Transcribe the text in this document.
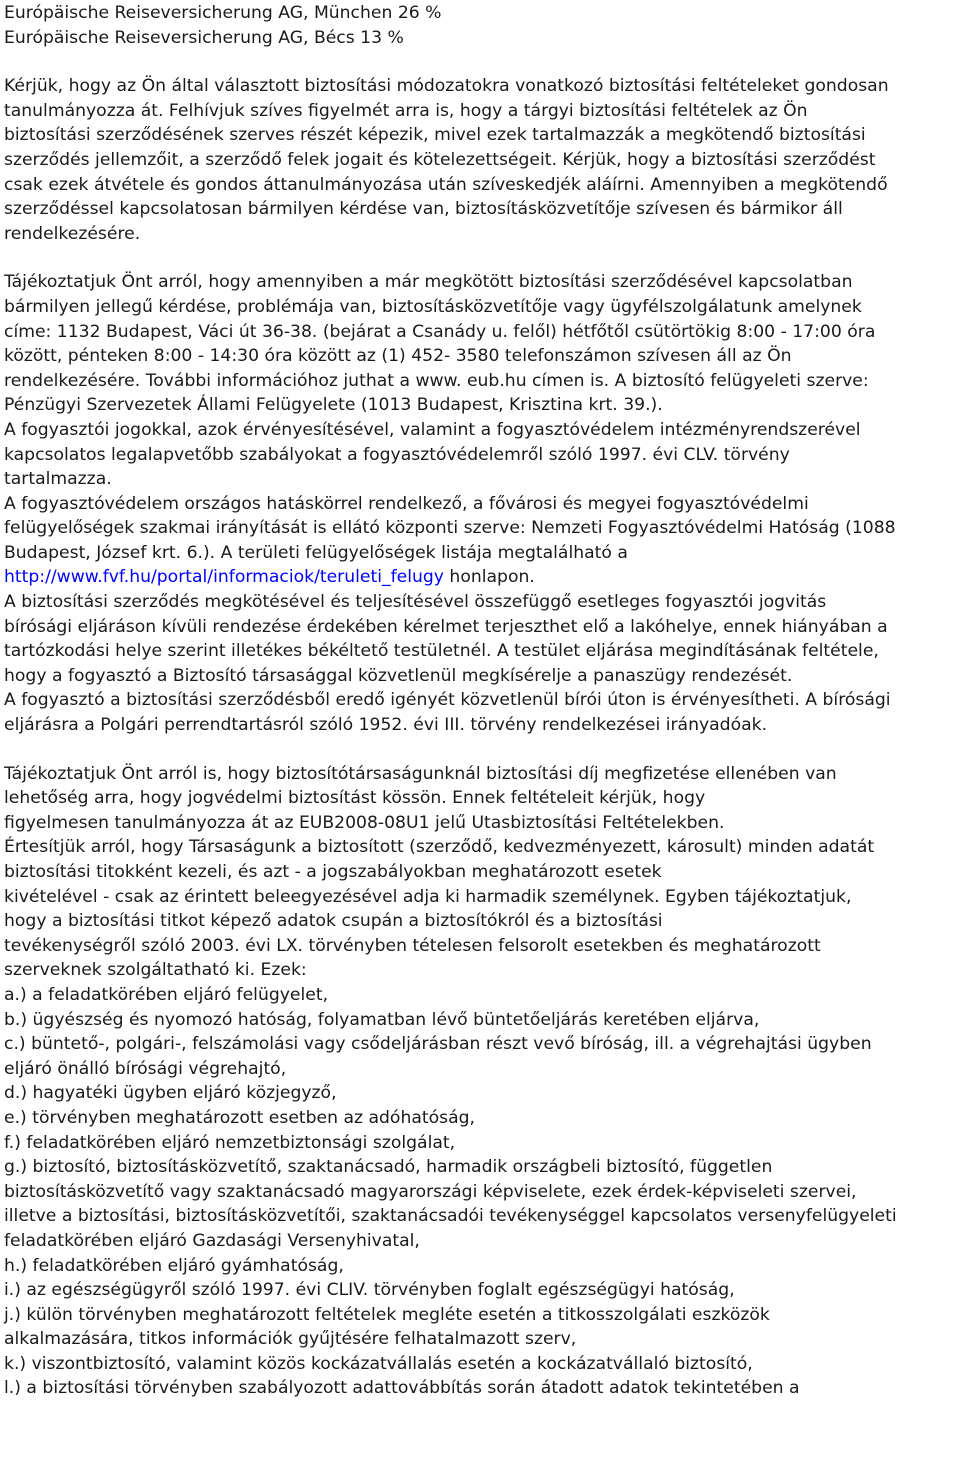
Európäische Reiseversicherung AG, München 26 %
Európäische Reiseversicherung AG, Bécs 13 %
Kérjük, hogy az Ön által választott biztosítási módozatokra vonatkozó biztosítási feltételeket gondosan
tanulmányozza át. Felhívjuk szíves figyelmét arra is, hogy a tárgyi biztosítási feltételek az Ön
biztosítási szerződésének szerves részét képezik, mivel ezek tartalmazzák a megkötendő biztosítási
szerződés jellemzőit, a szerződő felek jogait és kötelezettségeit. Kérjük, hogy a biztosítási szerződést
csak ezek átvétele és gondos áttanulmányozása után szíveskedjék aláírni. Amennyiben a megkötendő
szerződéssel kapcsolatosan bármilyen kérdése van, biztosításközvetítője szívesen és bármikor áll
rendelkezésére.
Tájékoztatjuk Önt arról, hogy amennyiben a már megkötött biztosítási szerződésével kapcsolatban
bármilyen jellegű kérdése, problémája van, biztosításközvetítője vagy ügyfélszolgálatunk amelynek
címe: 1132 Budapest, Váci út 36-38. (bejárat a Csanády u. felől) hétfőtől csütörtökig 8:00 - 17:00 óra
között, pénteken 8:00 - 14:30 óra között az (1) 452- 3580 telefonszámon szívesen áll az Ön
rendelkezésére. További információhoz juthat a www. eub.hu címen is. A biztosító felügyeleti szerve:
Pénzügyi Szervezetek Állami Felügyelete (1013 Budapest, Krisztina krt. 39.).
A fogyasztói jogokkal, azok érvényesítésével, valamint a fogyasztóvédelem intézményrendszerével
kapcsolatos legalapvetőbb szabályokat a fogyasztóvédelemről szóló 1997. évi CLV. törvény
tartalmazza.
A fogyasztóvédelem országos hatáskörrel rendelkező, a fővárosi és megyei fogyasztóvédelmi
felügyelőségek szakmai irányítását is ellátó központi szerve: Nemzeti Fogyasztóvédelmi Hatóság (1088
Budapest, József krt. 6.). A területi felügyelőségek listája megtalálható a
http://www.fvf.hu/portal/informaciok/teruleti_felugy honlapon.
A biztosítási szerződés megkötésével és teljesítésével összefüggő esetleges fogyasztói jogvitás
bírósági eljáráson kívüli rendezése érdekében kérelmet terjeszthet elő a lakóhelye, ennek hiányában a
tartózkodási helye szerint illetékes békéltető testületnél. A testület eljárása megindításának feltétele,
hogy a fogyasztó a Biztosító társasággal közvetlenül megkísérelje a panaszügy rendezését.
A fogyasztó a biztosítási szerződésből eredő igényét közvetlenül bírói úton is érvényesítheti. A bírósági
eljárásra a Polgári perrendtartásról szóló 1952. évi III. törvény rendelkezései irányadóak.
Tájékoztatjuk Önt arról is, hogy biztosítótársaságunknál biztosítási díj megfizetése ellenében van
lehetőség arra, hogy jogvédelmi biztosítást kössön. Ennek feltételeit kérjük, hogy
figyelmesen tanulmányozza át az EUB2008-08U1 jelű Utasbiztosítási Feltételekben.
Értesítjük arról, hogy Társaságunk a biztosított (szerződő, kedvezményezett, károsult) minden adatát
biztosítási titokként kezeli, és azt - a jogszabályokban meghatározott esetek
kivételével - csak az érintett beleegyezésével adja ki harmadik személynek. Egyben tájékoztatjuk,
hogy a biztosítási titkot képező adatok csupán a biztosítókról és a biztosítási
tevékenységről szóló 2003. évi LX. törvényben tételesen felsorolt esetekben és meghatározott
szerveknek szolgáltatható ki. Ezek:
a.) a feladatkörében eljáró felügyelet,
b.) ügyészség és nyomozó hatóság, folyamatban lévő büntetőeljárás keretében eljárva,
c.) büntető-, polgári-, felszámolási vagy csődeljárásban részt vevő bíróság, ill. a végrehajtási ügyben
eljáró önálló bírósági végrehajtó,
d.) hagyatéki ügyben eljáró közjegyző,
e.) törvényben meghatározott esetben az adóhatóság,
f.) feladatkörében eljáró nemzetbiztonsági szolgálat,
g.) biztosító, biztosításközvetítő, szaktanácsadó, harmadik országbeli biztosító, független
biztosításközvetítő vagy szaktanácsadó magyarországi képviselete, ezek érdek-képviseleti szervei,
illetve a biztosítási, biztosításközvetítői, szaktanácsadói tevékenységgel kapcsolatos versenyfelügyeleti
feladatkörében eljáró Gazdasági Versenyhivatal,
h.) feladatkörében eljáró gyámhatóság,
i.) az egészségügyről szóló 1997. évi CLIV. törvényben foglalt egészségügyi hatóság,
j.) külön törvényben meghatározott feltételek megléte esetén a titkosszolgálati eszközök
alkalmazására, titkos információk gyűjtésére felhatalmazott szerv,
k.) viszontbiztosító, valamint közös kockázatvállalás esetén a kockázatvállaló biztosító,
l.) a biztosítási törvényben szabályozott adattovábbítás során átadott adatok tekintetében a
